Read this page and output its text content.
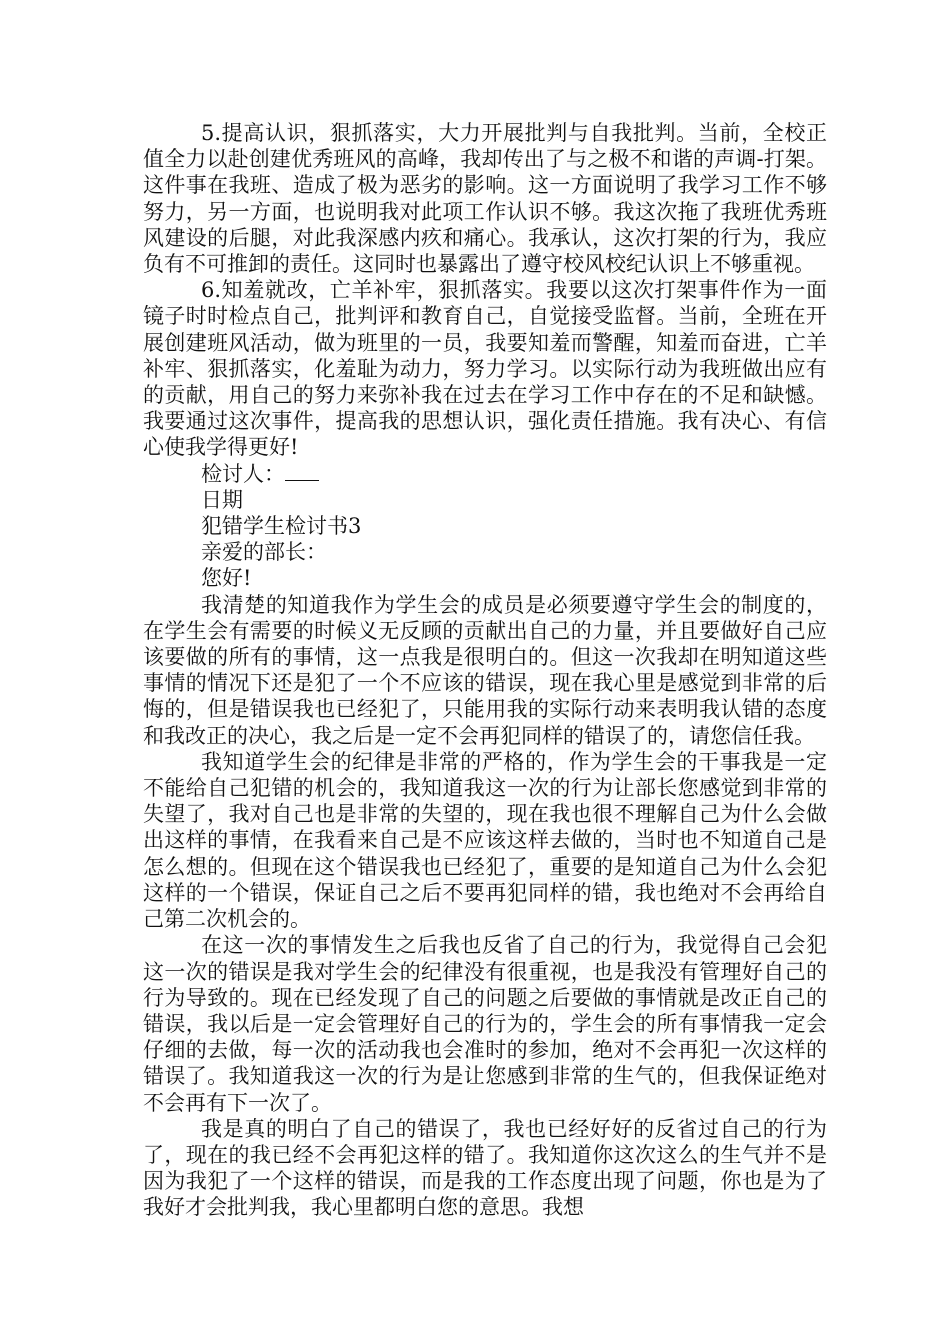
5.提高认识，狠抓落实，大力开展批判与自我批判。当前，全校正值全力以赴创建优秀班风的高峰，我却传出了与之极不和谐的声调-打架。这件事在我班、造成了极为恶劣的影响。这一方面说明了我学习工作不够努力，另一方面，也说明我对此项工作认识不够。我这次拖了我班优秀班风建设的后腿，对此我深感内疚和痛心。我承认，这次打架的行为，我应负有不可推卸的责任。这同时也暴露出了遵守校风校纪认识上不够重视。

6.知羞就改，亡羊补牢，狠抓落实。我要以这次打架事件作为一面镜子时时检点自己，批判评和教育自己，自觉接受监督。当前，全班在开展创建班风活动，做为班里的一员，我要知羞而警醒，知羞而奋进，亡羊补牢、狠抓落实，化羞耻为动力，努力学习。以实际行动为我班做出应有的贡献，用自己的努力来弥补我在过去在学习工作中存在的不足和缺憾。我要通过这次事件，提高我的思想认识，强化责任措施。我有决心、有信心使我学得更好!

检讨人：

日期

犯错学生检讨书3

亲爱的部长：

您好!

我清楚的知道我作为学生会的成员是必须要遵守学生会的制度的，在学生会有需要的时候义无反顾的贡献出自己的力量，并且要做好自己应该要做的所有的事情，这一点我是很明白的。但这一次我却在明知道这些事情的情况下还是犯了一个不应该的错误，现在我心里是感觉到非常的后悔的，但是错误我也已经犯了，只能用我的实际行动来表明我认错的态度和我改正的决心，我之后是一定不会再犯同样的错误了的，请您信任我。

我知道学生会的纪律是非常的严格的，作为学生会的干事我是一定不能给自己犯错的机会的，我知道我这一次的行为让部长您感觉到非常的失望了，我对自己也是非常的失望的，现在我也很不理解自己为什么会做出这样的事情，在我看来自己是不应该这样去做的，当时也不知道自己是怎么想的。但现在这个错误我也已经犯了，重要的是知道自己为什么会犯这样的一个错误，保证自己之后不要再犯同样的错，我也绝对不会再给自己第二次机会的。

在这一次的事情发生之后我也反省了自己的行为，我觉得自己会犯这一次的错误是我对学生会的纪律没有很重视，也是我没有管理好自己的行为导致的。现在已经发现了自己的问题之后要做的事情就是改正自己的错误，我以后是一定会管理好自己的行为的，学生会的所有事情我一定会仔细的去做，每一次的活动我也会准时的参加，绝对不会再犯一次这样的错误了。我知道我这一次的行为是让您感到非常的生气的，但我保证绝对不会再有下一次了。

我是真的明白了自己的错误了，我也已经好好的反省过自己的行为了，现在的我已经不会再犯这样的错了。我知道你这次这么的生气并不是因为我犯了一个这样的错误，而是我的工作态度出现了问题，你也是为了我好才会批判我，我心里都明白您的意思。我想
